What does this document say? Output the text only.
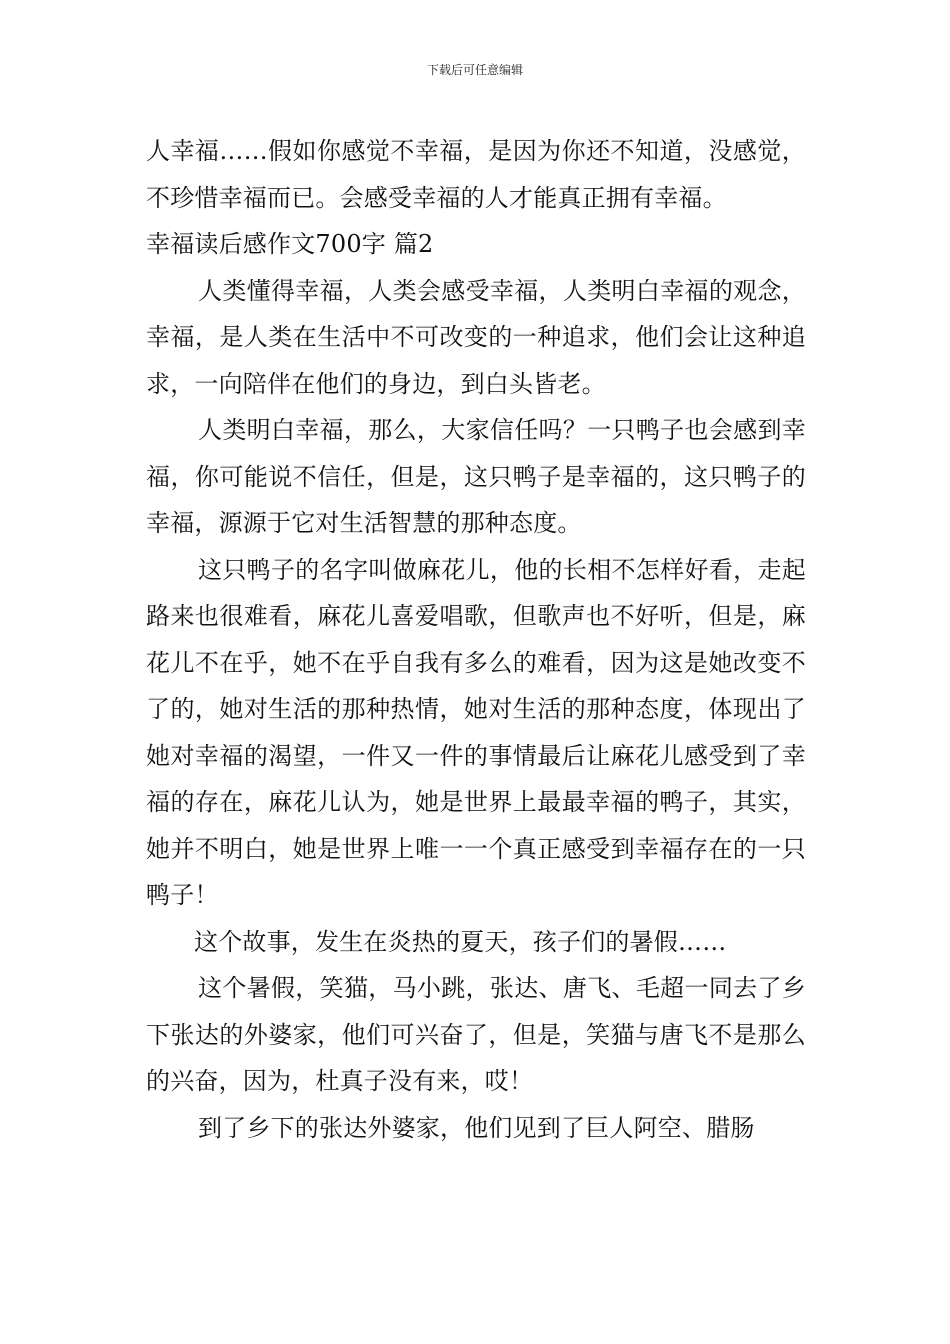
下载后可任意编辑

人幸福……假如你感觉不幸福，是因为你还不知道，没感觉，不珍惜幸福而已。会感受幸福的人才能真正拥有幸福。

幸福读后感作文700字 篇2

人类懂得幸福，人类会感受幸福，人类明白幸福的观念，幸福，是人类在生活中不可改变的一种追求，他们会让这种追求，一向陪伴在他们的身边，到白头皆老。

人类明白幸福，那么，大家信任吗？一只鸭子也会感到幸福，你可能说不信任，但是，这只鸭子是幸福的，这只鸭子的幸福，源源于它对生活智慧的那种态度。

这只鸭子的名字叫做麻花儿，他的长相不怎样好看，走起路来也很难看，麻花儿喜爱唱歌，但歌声也不好听，但是，麻花儿不在乎，她不在乎自我有多么的难看，因为这是她改变不了的，她对生活的那种热情，她对生活的那种态度，体现出了她对幸福的渴望，一件又一件的事情最后让麻花儿感受到了幸福的存在，麻花儿认为，她是世界上最最幸福的鸭子，其实，她并不明白，她是世界上唯一一个真正感受到幸福存在的一只鸭子！

这个故事，发生在炎热的夏天，孩子们的暑假……

这个暑假，笑猫，马小跳，张达、唐飞、毛超一同去了乡下张达的外婆家，他们可兴奋了，但是，笑猫与唐飞不是那么的兴奋，因为，杜真子没有来，哎！

到了乡下的张达外婆家，他们见到了巨人阿空、腊肠
